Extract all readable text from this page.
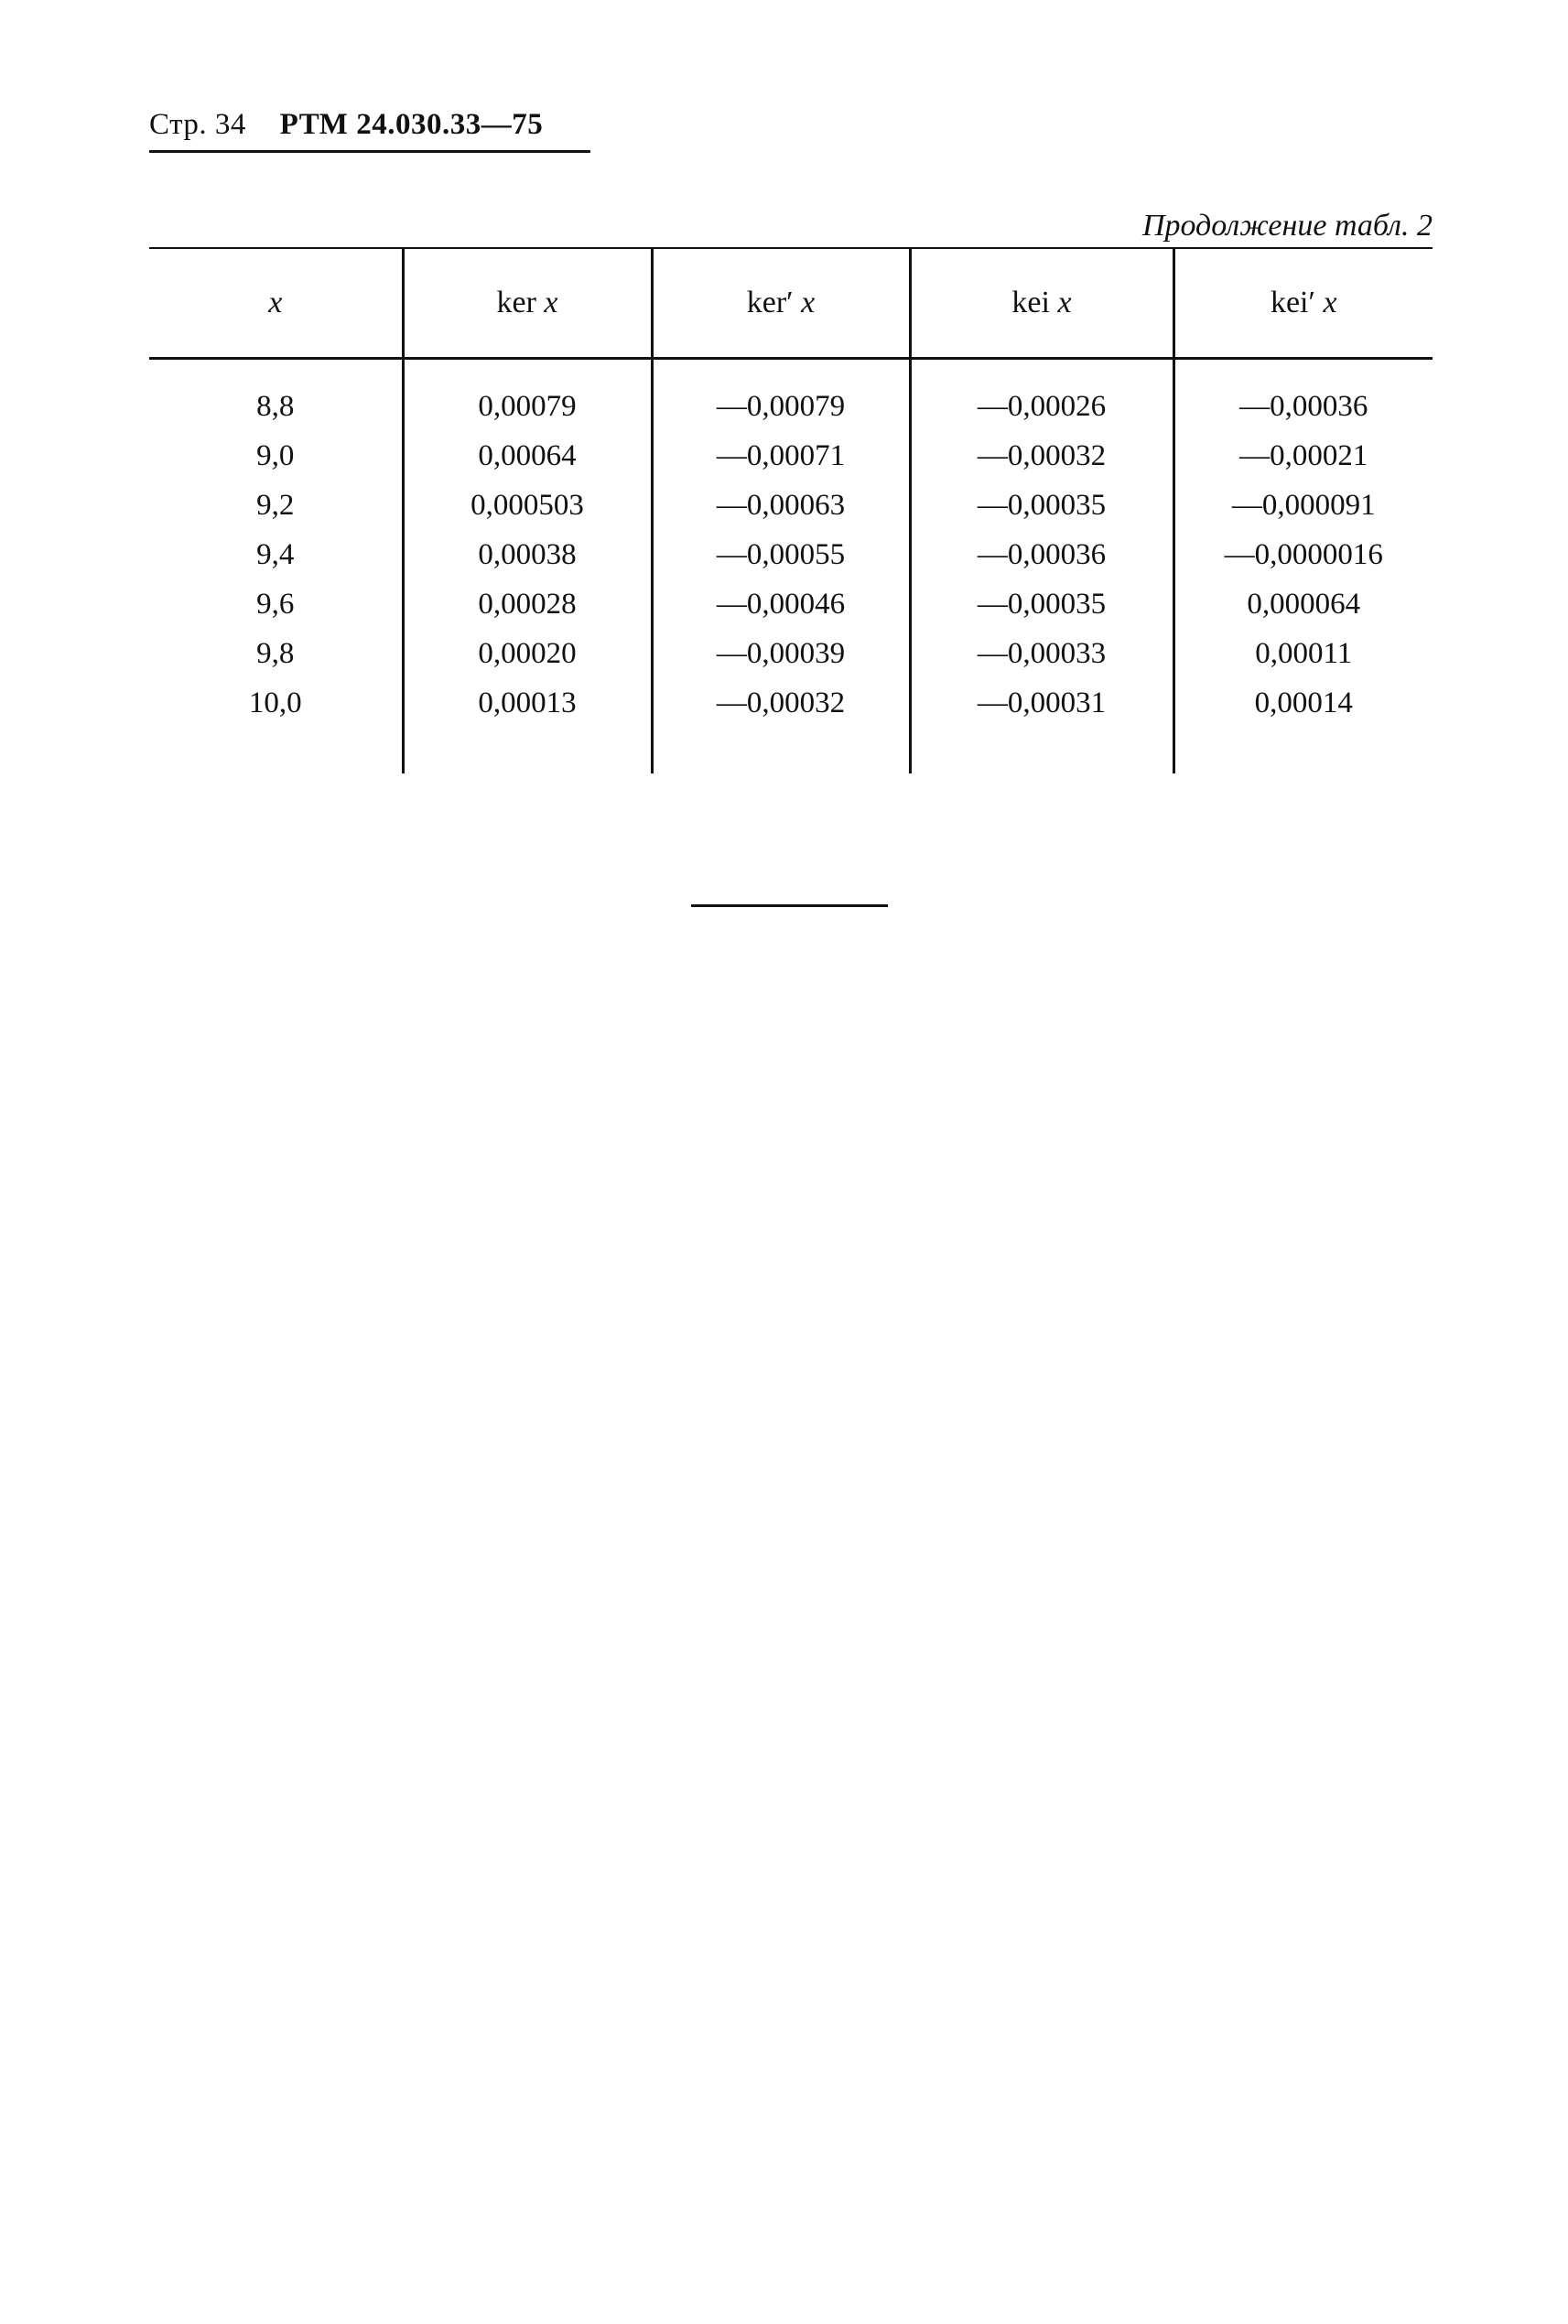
Стр. 34 РТМ 24.030.33—75
Продолжение табл. 2
x	ker x	ker′ x	kei x	kei′ x

8,8	0,00079	—0,00079	—0,00026	—0,00036
9,0	0,00064	—0,00071	—0,00032	—0,00021
9,2	0,000503	—0,00063	—0,00035	—0,000091
9,4	0,00038	—0,00055	—0,00036	—0,0000016
9,6	0,00028	—0,00046	—0,00035	0,000064
9,8	0,00020	—0,00039	—0,00033	0,00011
10,0	0,00013	—0,00032	—0,00031	0,00014
